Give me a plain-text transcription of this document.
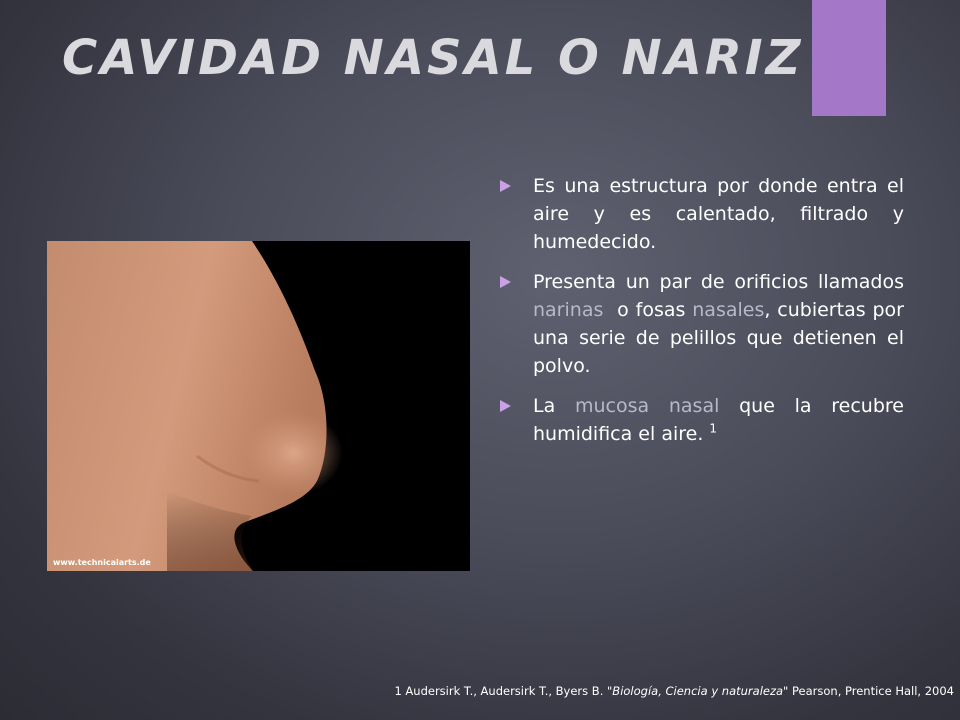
CAVIDAD NASAL O NARIZ
www.technicalarts.de
Es una estructura por donde entra el aire y es calentado, filtrado y humedecido.
Presenta un par de orificios llamados narinas  o fosas nasales, cubiertas por una serie de pelillos que detienen el polvo.
La mucosa nasal que la recubre humidifica el aire. $^1$
1 Audersirk T., Audersirk T., Byers B. "Biología, Ciencia y naturaleza" Pearson, Prentice Hall, 2004
